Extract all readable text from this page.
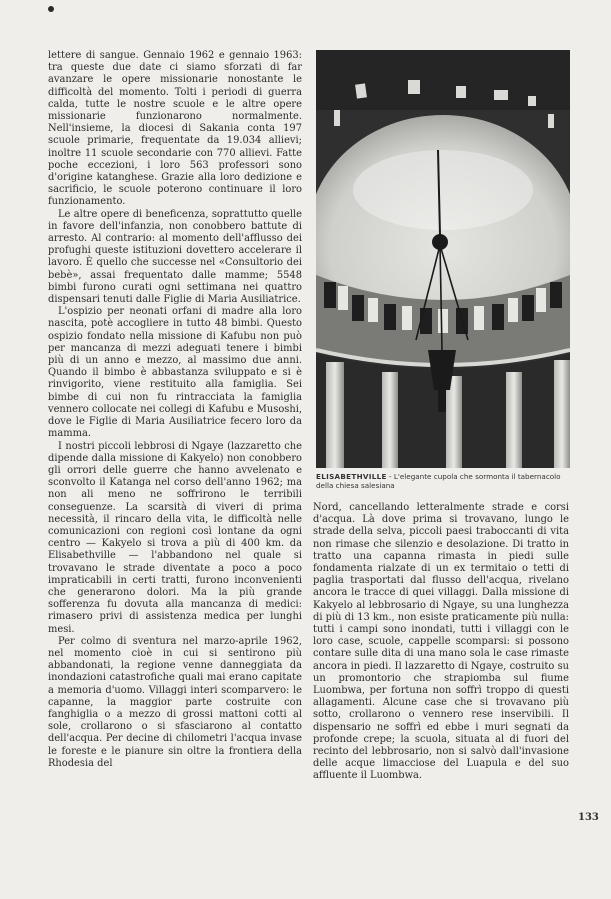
lettere di sangue. Gennaio 1962 e gennaio 1963: tra queste due date ci siamo sforzati di far avanzare le opere missionarie nonostante le difficoltà del momento. Tolti i periodi di guerra calda, tutte le nostre scuole e le altre opere missionarie funzionarono normalmente. Nell'insieme, la diocesi di Sakania conta 197 scuole primarie, frequentate da 19.034 allievi; inoltre 11 scuole secondarie con 770 allievi. Fatte poche eccezioni, i loro 563 professori sono d'origine katanghese. Grazie alla loro dedizione e sacrificio, le scuole poterono continuare il loro funzionamento.

Le altre opere di beneficenza, soprattutto quelle in favore dell'infanzia, non conobbero battute di arresto. Al contrario: al momento dell'afflusso dei profughi queste istituzioni dovettero accelerare il lavoro. È quello che successe nel «Consultorio dei bebè», assai frequentato dalle mamme; 5548 bimbi furono curati ogni settimana nei quattro dispensari tenuti dalle Figlie di Maria Ausiliatrice.

L'ospizio per neonati orfani di madre alla loro nascita, potè accogliere in tutto 48 bimbi. Questo ospizio fondato nella missione di Kafubu non può per mancanza di mezzi adeguati tenere i bimbi più di un anno e mezzo, al massimo due anni. Quando il bimbo è abbastanza sviluppato e si è rinvigorito, viene restituito alla famiglia. Sei bimbe di cui non fu rintracciata la famiglia vennero collocate nei collegi di Kafubu e Musoshi, dove le Figlie di Maria Ausiliatrice fecero loro da mamma.

I nostri piccoli lebbrosi di Ngaye (lazzaretto che dipende dalla missione di Kakyelo) non conobbero gli orrori delle guerre che hanno avvelenato e sconvolto il Katanga nel corso dell'anno 1962; ma non ali meno ne soffrirono le terribili conseguenze. La scarsità di viveri di prima necessità, il rincaro della vita, le difficoltà nelle comunicazioni con regioni così lontane da ogni centro — Kakyelo si trova a più di 400 km. da Elisabethville — l'abbandono nel quale si trovavano le strade diventate a poco a poco impraticabili in certi tratti, furono inconvenienti che generarono dolori. Ma la più grande sofferenza fu dovuta alla mancanza di medici: rimasero privi di assistenza medica per lunghi mesi.

Per colmo di sventura nel marzo-aprile 1962, nel momento cioè in cui si sentirono più abbandonati, la regione venne danneggiata da inondazioni catastrofiche quali mai erano capitate a memoria d'uomo. Villaggi interi scomparvero: le capanne, la maggior parte costruite con fanghiglia o a mezzo di grossi mattoni cotti al sole, crollarono o si sfasciarono al contatto dell'acqua. Per decine di chilometri l'acqua invase le foreste e le pianure sin oltre la frontiera della Rhodesia del

ELISABETHVILLE - L'elegante cupola che sormonta il tabernacolo della chiesa salesiana

Nord, cancellando letteralmente strade e corsi d'acqua. Là dove prima si trovavano, lungo le strade della selva, piccoli paesi traboccanti di vita non rimase che silenzio e desolazione. Di tratto in tratto una capanna rimasta in piedi sulle fondamenta rialzate di un ex termitaio o tetti di paglia trasportati dal flusso dell'acqua, rivelano ancora le tracce di quei villaggi. Dalla missione di Kakyelo al lebbrosario di Ngaye, su una lunghezza di più di 13 km., non esiste praticamente più nulla: tutti i campi sono inondati, tutti i villaggi con le loro case, scuole, cappelle scomparsi: si possono contare sulle dita di una mano sola le case rimaste ancora in piedi. Il lazzaretto di Ngaye, costruito su un promontorio che strapiomba sul fiume Luombwa, per fortuna non soffrì troppo di questi allagamenti. Alcune case che si trovavano più sotto, crollarono o vennero rese inservibili. Il dispensario ne soffrì ed ebbe i muri segnati da profonde crepe; la scuola, situata al di fuori del recinto del lebbrosario, non si salvò dall'invasione delle acque limacciose del Luapula e del suo affluente il Luombwa.

133
